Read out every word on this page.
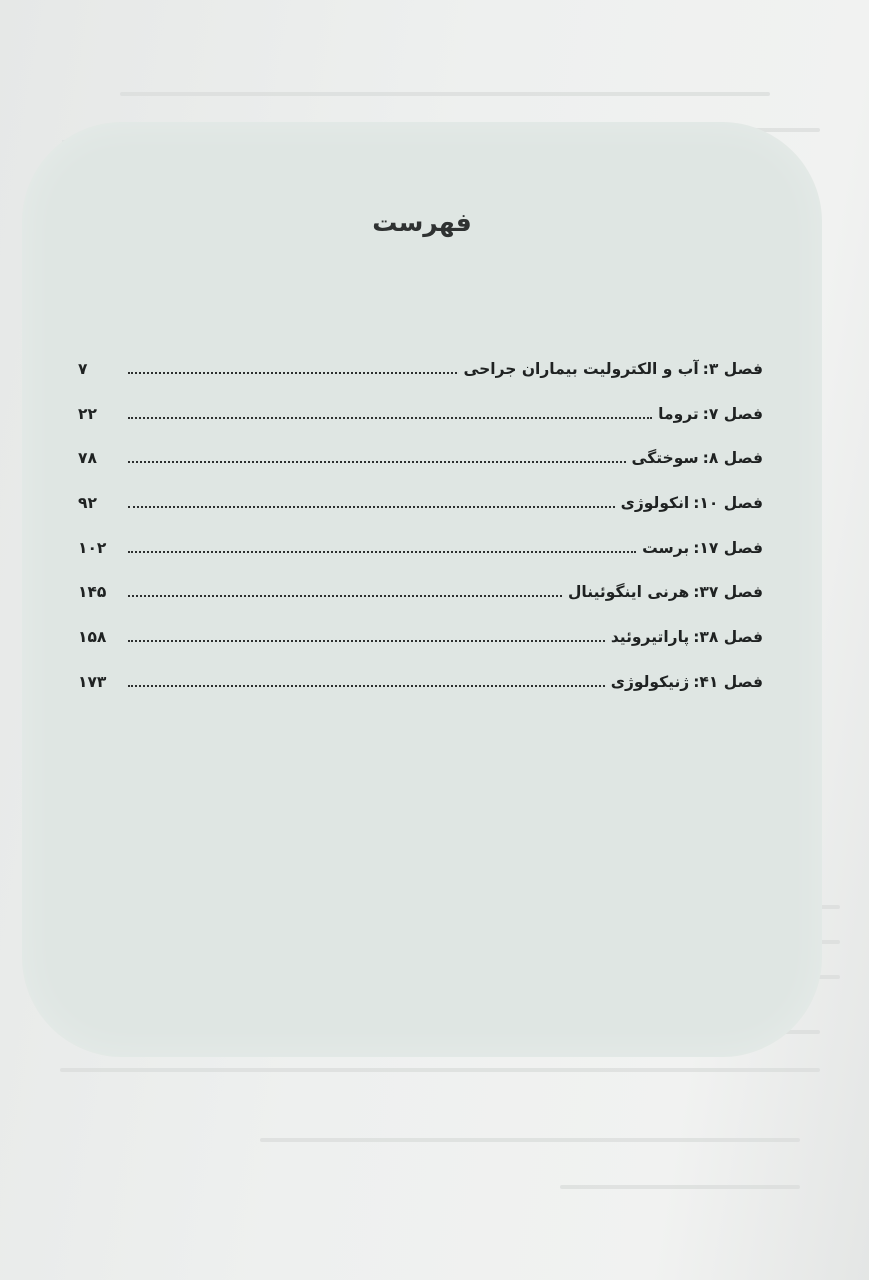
فهرست
فصل ۳
:
آب و الکترولیت بیماران جراحی
۷
فصل ۷
:
تروما
۲۲
فصل ۸
:
سوختگی
۷۸
فصل ۱۰
:
انکولوژی
۹۲
فصل ۱۷
:
برست
۱۰۲
فصل ۳۷
:
هرنی اینگوئینال
۱۴۵
فصل ۳۸
:
پاراتیروئید
۱۵۸
فصل ۴۱
:
ژنیکولوژی
۱۷۳
